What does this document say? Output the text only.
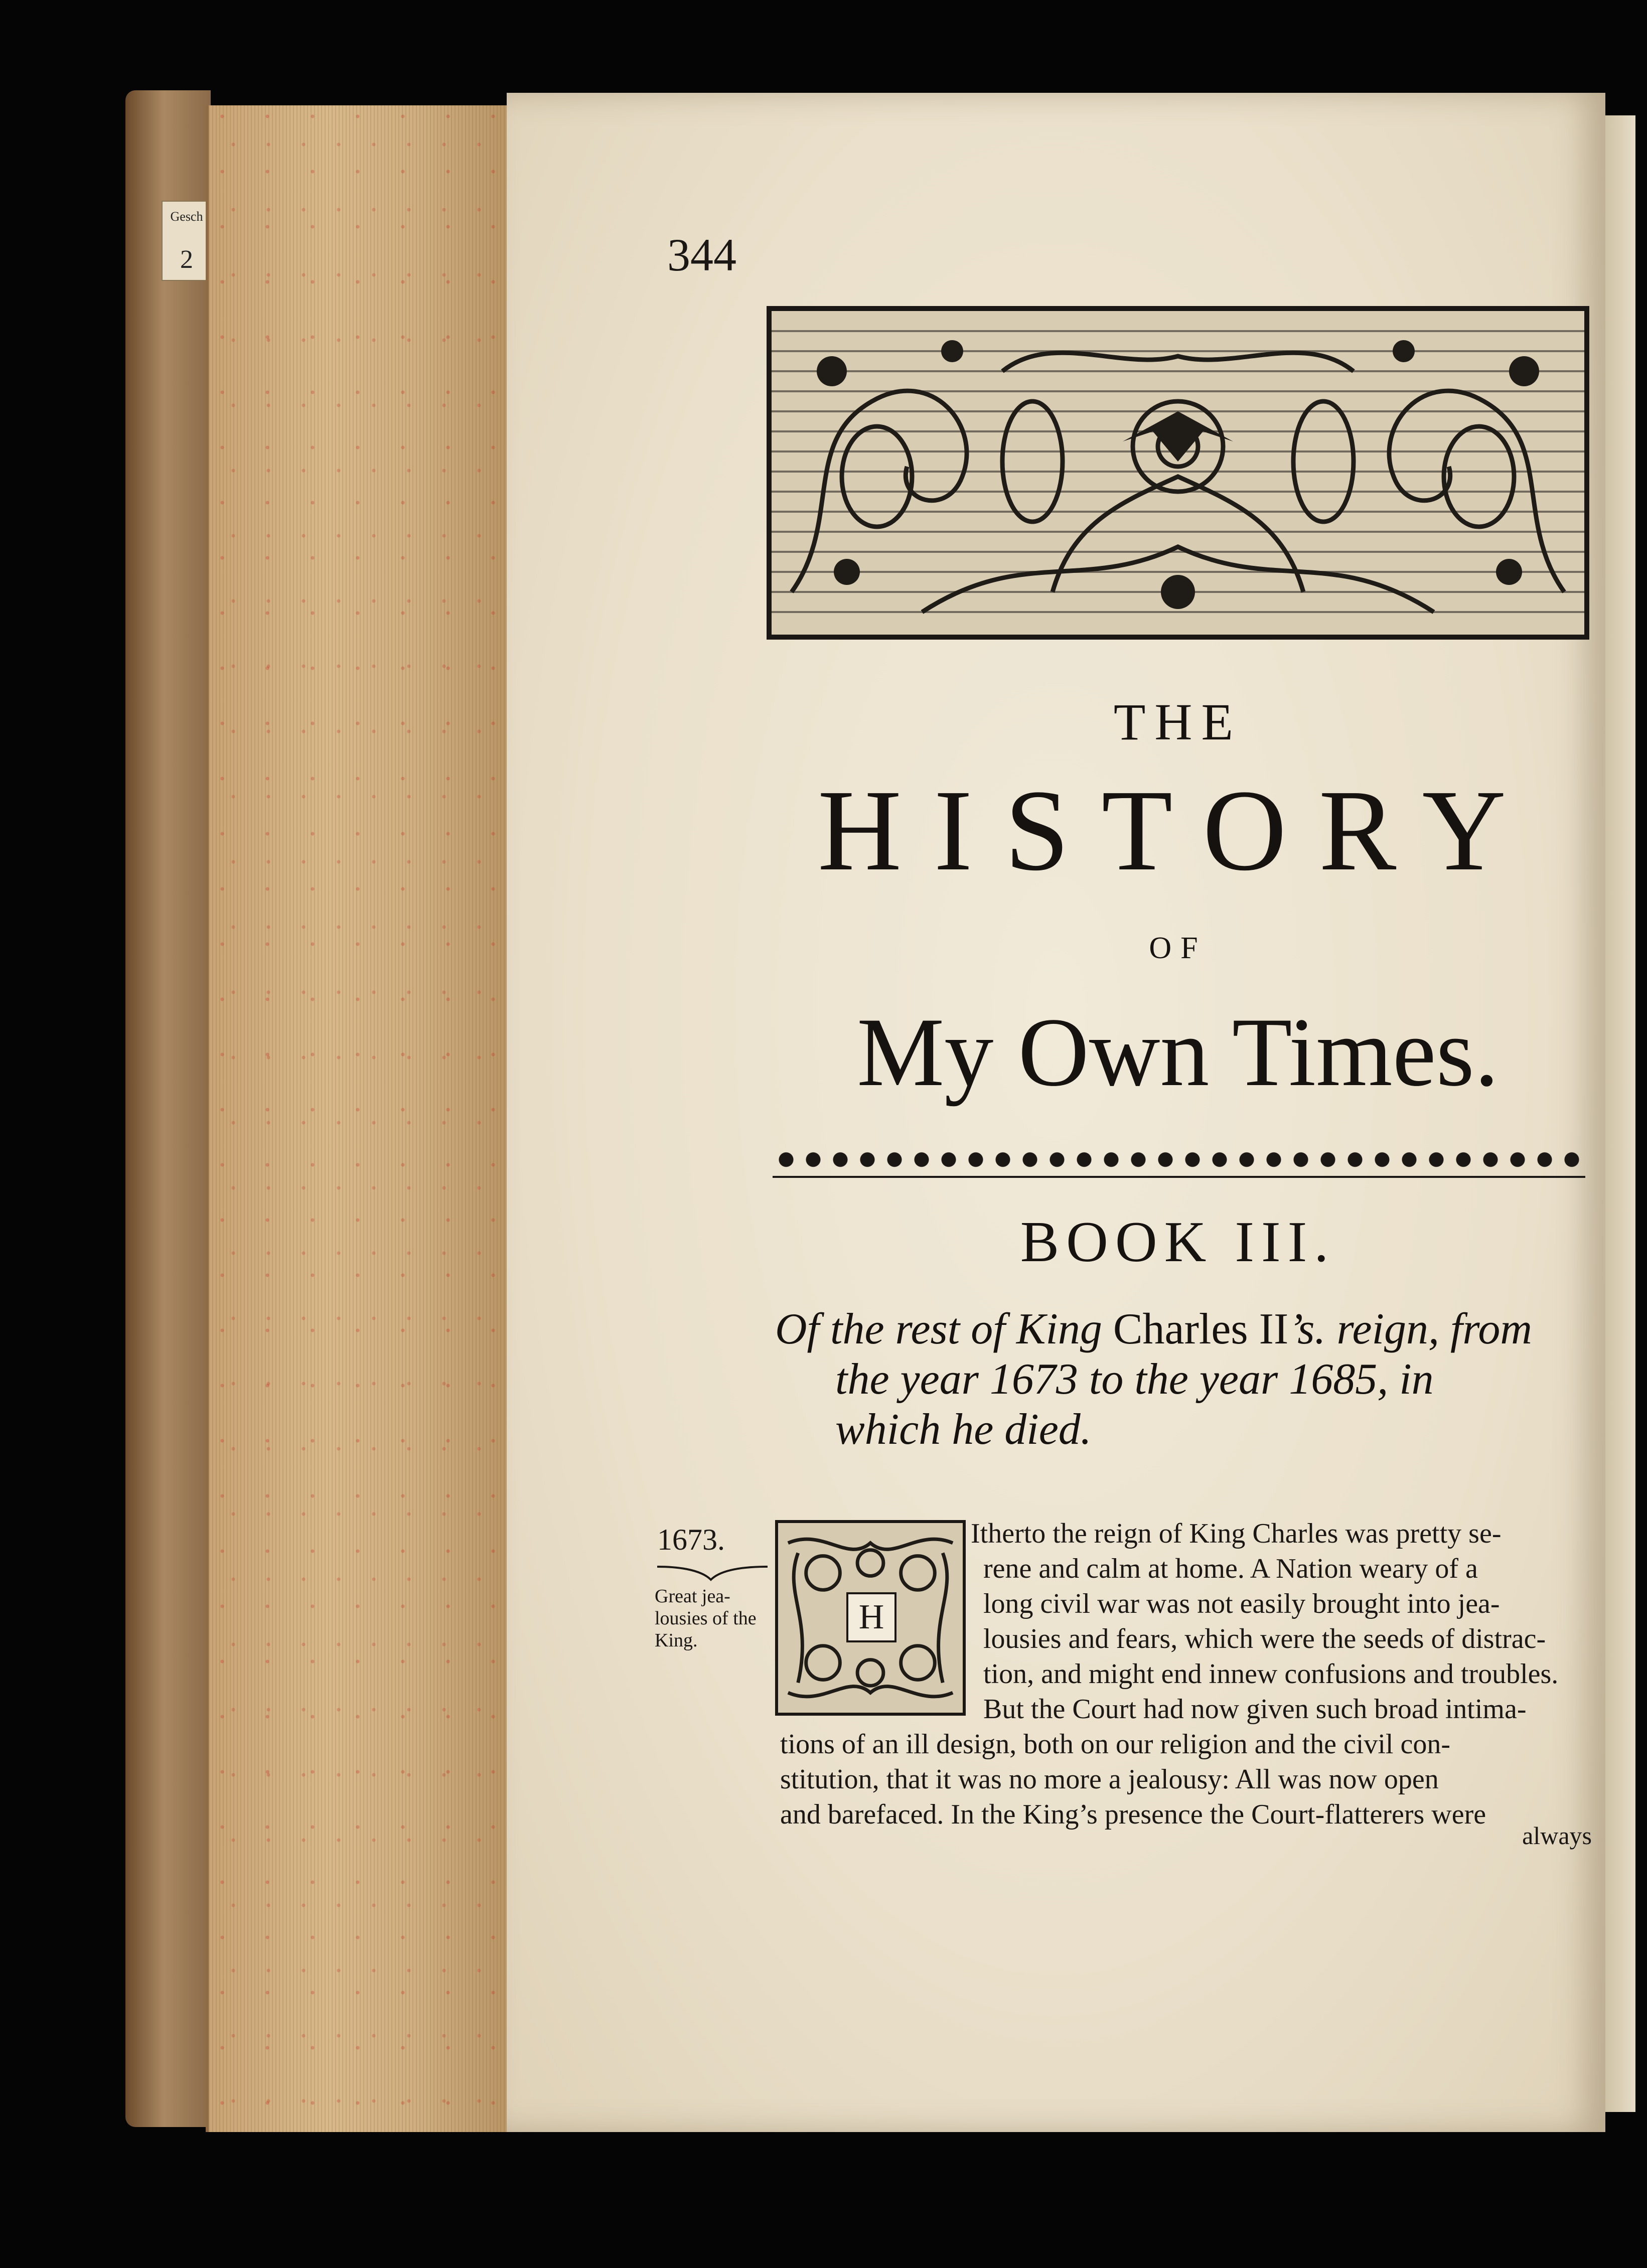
Gesch
2	344
THE
HISTORY
OF
My Own Times.
BOOK III.
Of the rest of King Charles II’s. reign, from
the year 1673 to the year 1685, in
which he died.
1673.
Great jea-
lousies of the
King.
H
Itherto the reign of King Charles was pretty se-
rene and calm at home. A Nation weary of a
long civil war was not easily brought into jea-
lousies and fears, which were the seeds of distrac-
tion, and might end innew confusions and troubles.
But the Court had now given such broad intima-
tions of an ill design, both on our religion and the civil con-
stitution, that it was no more a jealousy: All was now open
and barefaced. In the King’s presence the Court-flatterers were
always
